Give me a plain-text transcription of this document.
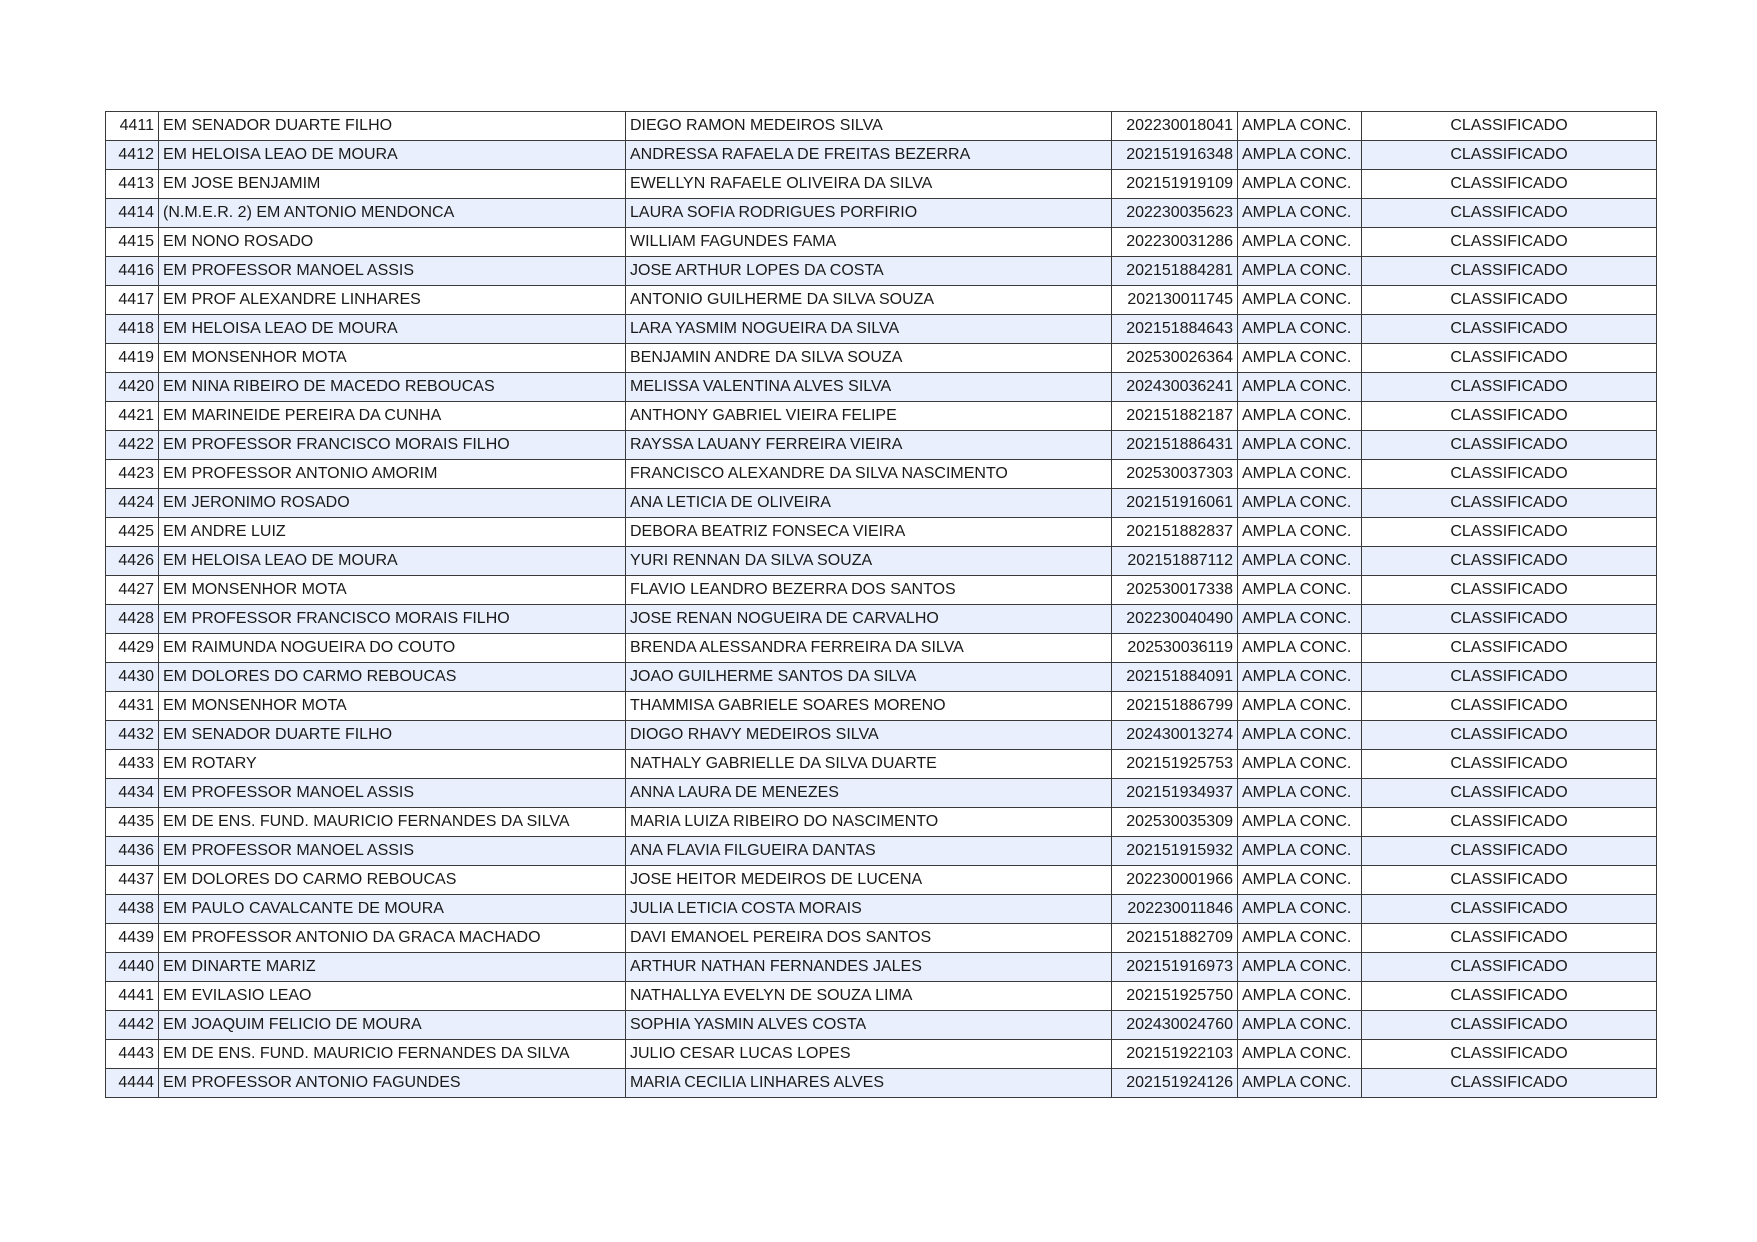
4411	EM SENADOR DUARTE FILHO	DIEGO RAMON MEDEIROS SILVA	202230018041	AMPLA CONC.	CLASSIFICADO
4412	EM HELOISA LEAO DE MOURA	ANDRESSA RAFAELA DE FREITAS BEZERRA	202151916348	AMPLA CONC.	CLASSIFICADO
4413	EM JOSE BENJAMIM	EWELLYN RAFAELE OLIVEIRA DA SILVA	202151919109	AMPLA CONC.	CLASSIFICADO
4414	(N.M.E.R. 2) EM ANTONIO MENDONCA	LAURA SOFIA RODRIGUES PORFIRIO	202230035623	AMPLA CONC.	CLASSIFICADO
4415	EM NONO ROSADO	WILLIAM FAGUNDES FAMA	202230031286	AMPLA CONC.	CLASSIFICADO
4416	EM PROFESSOR MANOEL ASSIS	JOSE ARTHUR LOPES DA COSTA	202151884281	AMPLA CONC.	CLASSIFICADO
4417	EM PROF ALEXANDRE LINHARES	ANTONIO GUILHERME DA SILVA SOUZA	202130011745	AMPLA CONC.	CLASSIFICADO
4418	EM HELOISA LEAO DE MOURA	LARA YASMIM NOGUEIRA DA SILVA	202151884643	AMPLA CONC.	CLASSIFICADO
4419	EM MONSENHOR MOTA	BENJAMIN ANDRE DA SILVA SOUZA	202530026364	AMPLA CONC.	CLASSIFICADO
4420	EM NINA RIBEIRO DE MACEDO REBOUCAS	MELISSA VALENTINA ALVES SILVA	202430036241	AMPLA CONC.	CLASSIFICADO
4421	EM MARINEIDE PEREIRA DA CUNHA	ANTHONY GABRIEL VIEIRA FELIPE	202151882187	AMPLA CONC.	CLASSIFICADO
4422	EM PROFESSOR FRANCISCO MORAIS FILHO	RAYSSA LAUANY FERREIRA VIEIRA	202151886431	AMPLA CONC.	CLASSIFICADO
4423	EM PROFESSOR ANTONIO AMORIM	FRANCISCO ALEXANDRE DA SILVA NASCIMENTO	202530037303	AMPLA CONC.	CLASSIFICADO
4424	EM JERONIMO ROSADO	ANA LETICIA DE OLIVEIRA	202151916061	AMPLA CONC.	CLASSIFICADO
4425	EM ANDRE LUIZ	DEBORA BEATRIZ FONSECA VIEIRA	202151882837	AMPLA CONC.	CLASSIFICADO
4426	EM HELOISA LEAO DE MOURA	YURI RENNAN DA SILVA SOUZA	202151887112	AMPLA CONC.	CLASSIFICADO
4427	EM MONSENHOR MOTA	FLAVIO LEANDRO BEZERRA DOS SANTOS	202530017338	AMPLA CONC.	CLASSIFICADO
4428	EM PROFESSOR FRANCISCO MORAIS FILHO	JOSE RENAN NOGUEIRA DE CARVALHO	202230040490	AMPLA CONC.	CLASSIFICADO
4429	EM RAIMUNDA NOGUEIRA DO COUTO	BRENDA ALESSANDRA FERREIRA DA SILVA	202530036119	AMPLA CONC.	CLASSIFICADO
4430	EM DOLORES DO CARMO REBOUCAS	JOAO GUILHERME SANTOS DA SILVA	202151884091	AMPLA CONC.	CLASSIFICADO
4431	EM MONSENHOR MOTA	THAMMISA GABRIELE SOARES MORENO	202151886799	AMPLA CONC.	CLASSIFICADO
4432	EM SENADOR DUARTE FILHO	DIOGO RHAVY MEDEIROS SILVA	202430013274	AMPLA CONC.	CLASSIFICADO
4433	EM ROTARY	NATHALY GABRIELLE DA SILVA DUARTE	202151925753	AMPLA CONC.	CLASSIFICADO
4434	EM PROFESSOR MANOEL ASSIS	ANNA LAURA DE MENEZES	202151934937	AMPLA CONC.	CLASSIFICADO
4435	EM DE ENS. FUND. MAURICIO FERNANDES DA SILVA	MARIA LUIZA RIBEIRO DO NASCIMENTO	202530035309	AMPLA CONC.	CLASSIFICADO
4436	EM PROFESSOR MANOEL ASSIS	ANA FLAVIA FILGUEIRA DANTAS	202151915932	AMPLA CONC.	CLASSIFICADO
4437	EM DOLORES DO CARMO REBOUCAS	JOSE HEITOR MEDEIROS DE LUCENA	202230001966	AMPLA CONC.	CLASSIFICADO
4438	EM PAULO CAVALCANTE DE MOURA	JULIA LETICIA COSTA MORAIS	202230011846	AMPLA CONC.	CLASSIFICADO
4439	EM PROFESSOR ANTONIO DA GRACA MACHADO	DAVI EMANOEL PEREIRA DOS SANTOS	202151882709	AMPLA CONC.	CLASSIFICADO
4440	EM DINARTE MARIZ	ARTHUR NATHAN FERNANDES JALES	202151916973	AMPLA CONC.	CLASSIFICADO
4441	EM EVILASIO LEAO	NATHALLYA EVELYN DE SOUZA LIMA	202151925750	AMPLA CONC.	CLASSIFICADO
4442	EM JOAQUIM FELICIO DE MOURA	SOPHIA YASMIN ALVES COSTA	202430024760	AMPLA CONC.	CLASSIFICADO
4443	EM DE ENS. FUND. MAURICIO FERNANDES DA SILVA	JULIO CESAR LUCAS LOPES	202151922103	AMPLA CONC.	CLASSIFICADO
4444	EM PROFESSOR ANTONIO FAGUNDES	MARIA CECILIA LINHARES ALVES	202151924126	AMPLA CONC.	CLASSIFICADO
